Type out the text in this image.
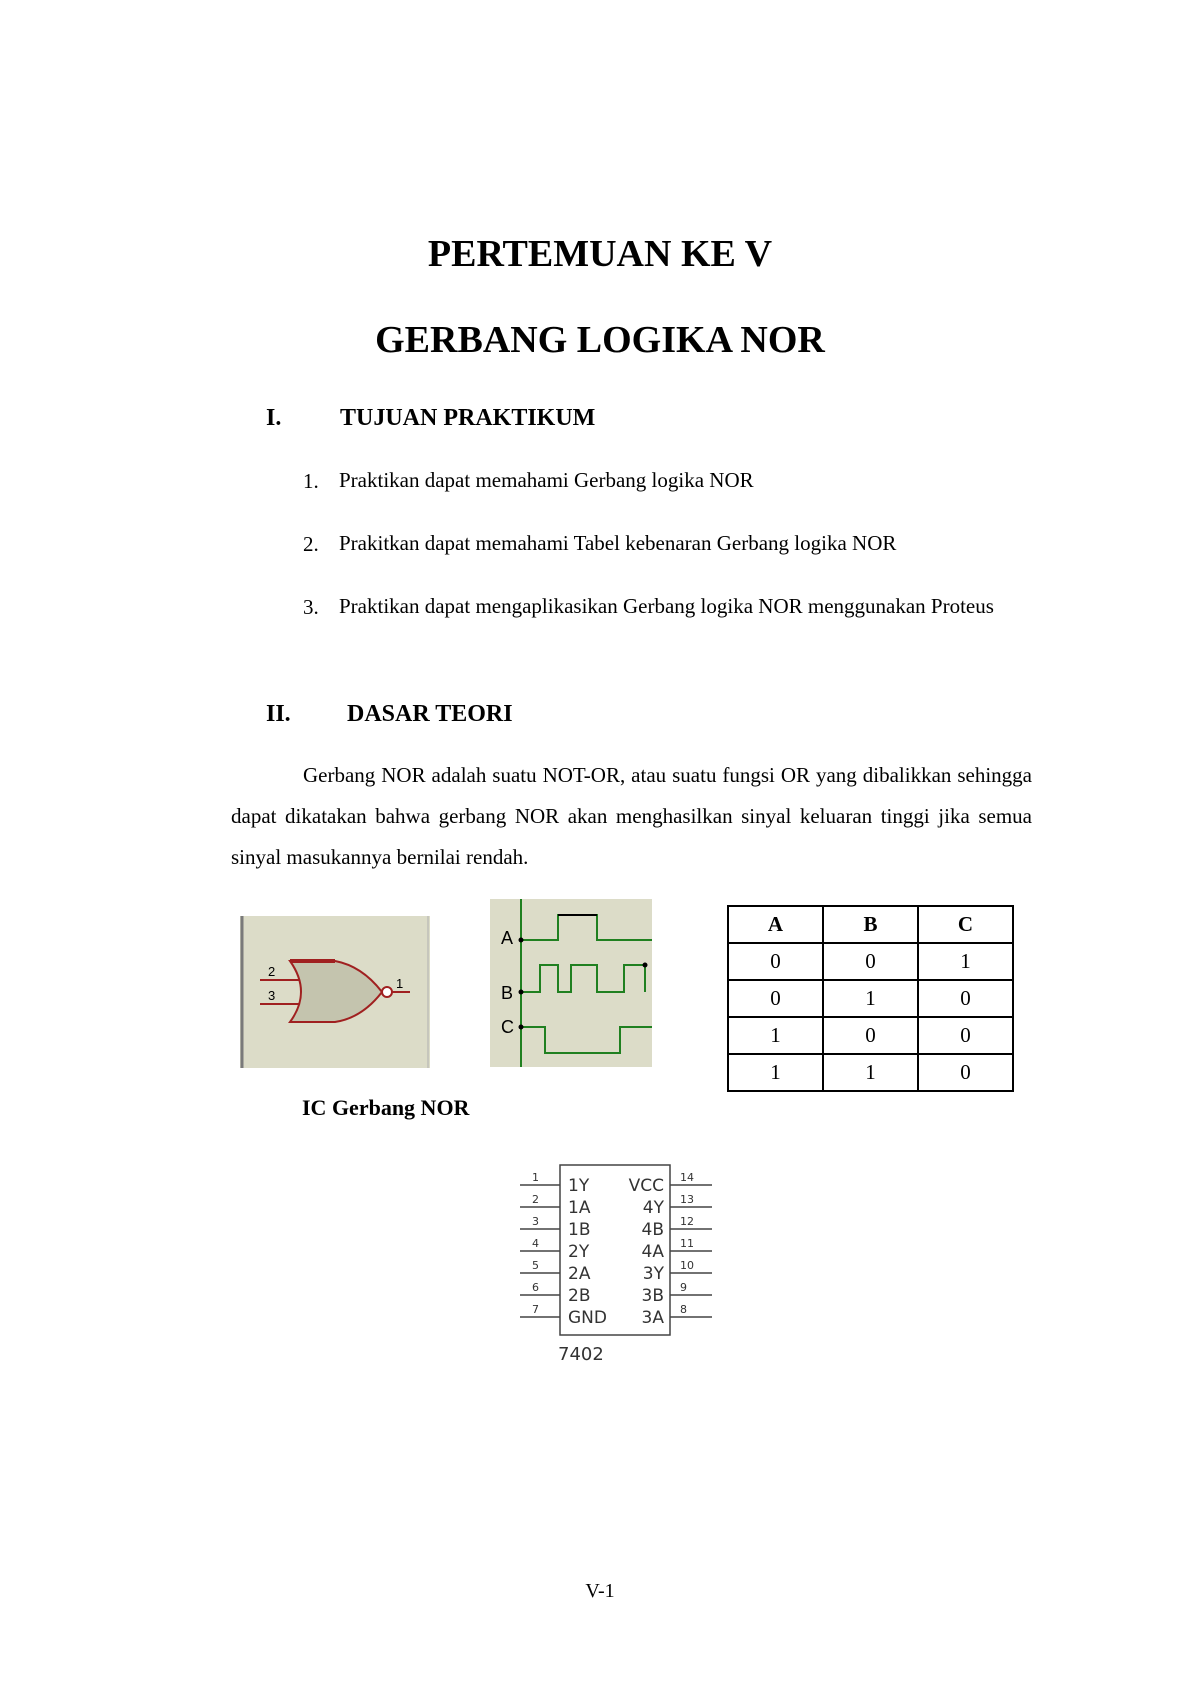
PERTEMUAN KE V
GERBANG LOGIKA NOR
I. TUJUAN PRAKTIKUM
1. Praktikan dapat memahami Gerbang logika NOR
2. Prakitkan dapat memahami Tabel kebenaran Gerbang logika NOR
3. Praktikan dapat mengaplikasikan Gerbang logika NOR menggunakan Proteus
II. DASAR TEORI
Gerbang NOR adalah suatu NOT-OR, atau suatu fungsi OR yang dibalikkan sehingga dapat dikatakan bahwa gerbang NOR akan menghasilkan sinyal keluaran tinggi jika semua sinyal masukannya bernilai rendah.
2
3
1
A
B
C
A	B	C
0	0	1
0	1	0
1	0	0
1	1	0
IC Gerbang NOR
1 1Y
2 1A
3 1B
4 2Y
5 2A
6 2B
7 GND
14
VCC
13
4Y
12
4B
11
4A
10
3Y
9
3B
8
3A
7402
V-1
